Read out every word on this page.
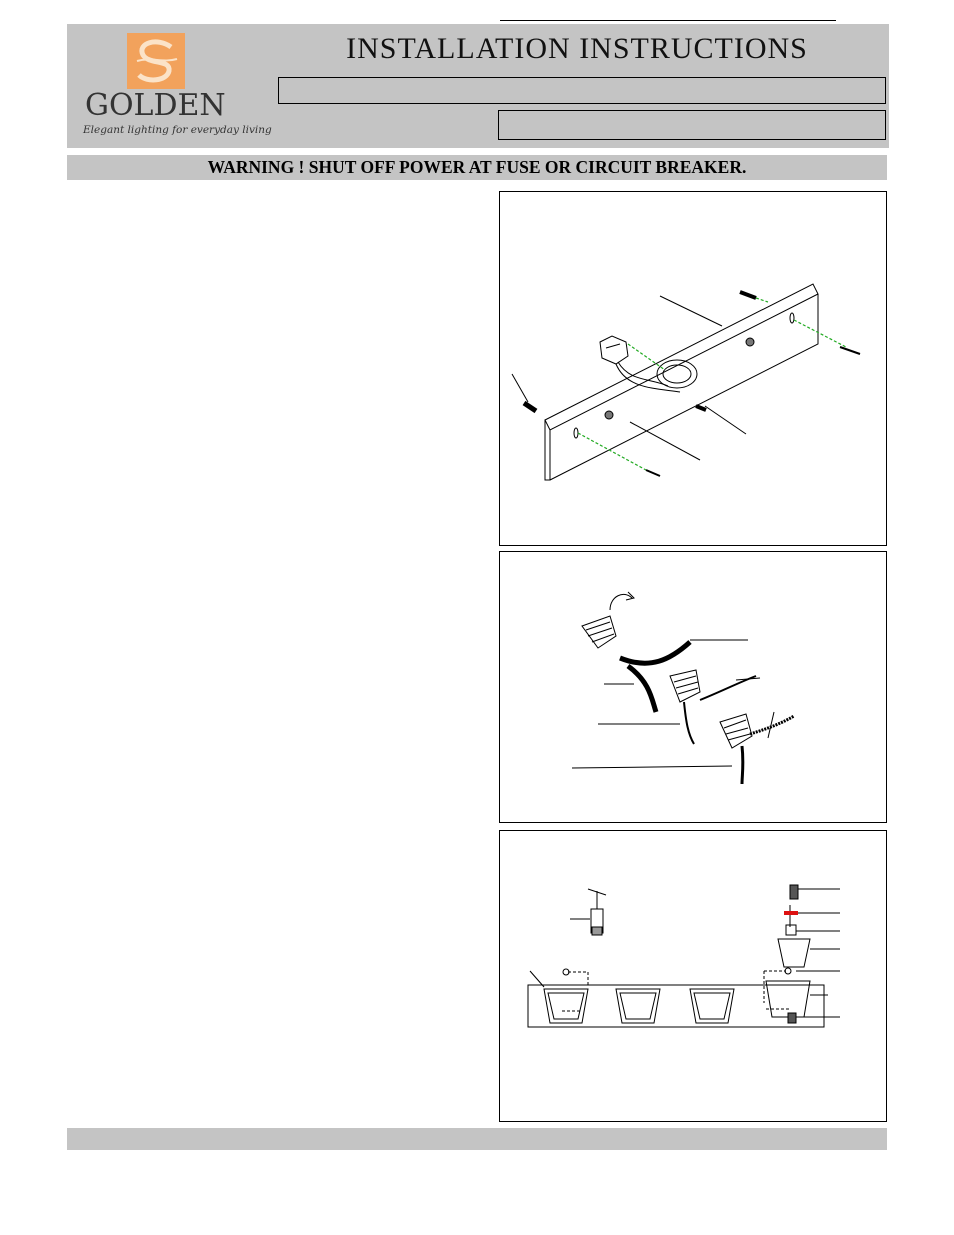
GOLDEN
Elegant lighting for everyday living
INSTALLATION INSTRUCTIONS
WARNING ! SHUT OFF POWER AT FUSE OR CIRCUIT BREAKER.
